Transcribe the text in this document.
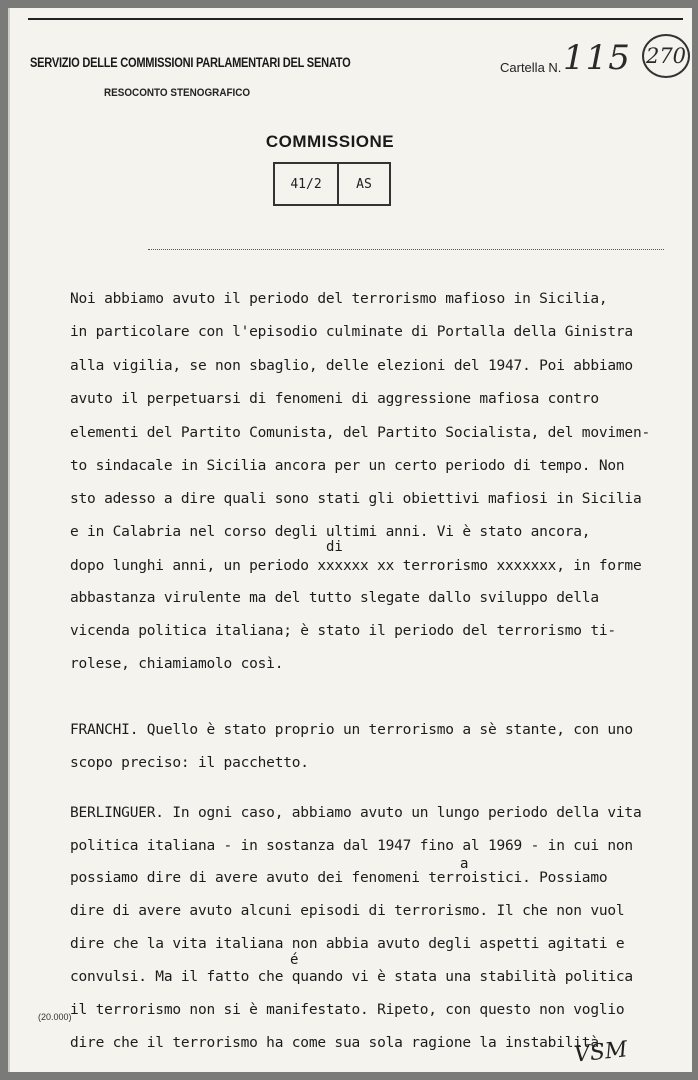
SERVIZIO DELLE COMMISSIONI PARLAMENTARI DEL SENATO
RESOCONTO STENOGRAFICO
Cartella N. 115 270
COMMISSIONE
41/2	AS
Noi abbiamo avuto il periodo del terrorismo mafioso in Sicilia,
in particolare con l'episodio culminate di Portalla della Ginistra
alla vigilia, se non sbaglio, delle elezioni del 1947. Poi abbiamo
avuto il perpetuarsi di fenomeni di aggressione mafiosa contro
elementi del Partito Comunista, del Partito Socialista, del movimen-
to sindacale in Sicilia ancora per un certo periodo di tempo. Non
sto adesso a dire quali sono stati gli obiettivi mafiosi in Sicilia
e in Calabria nel corso degli ultimi anni. Vi è stato ancora,
di
dopo lunghi anni, un periodo xxxxxx xx terrorismo xxxxxxx, in forme
abbastanza virulente ma del tutto slegate dallo sviluppo della
vicenda politica italiana; è stato il periodo del terrorismo ti-
rolese, chiamiamolo così.
FRANCHI. Quello è stato proprio un terrorismo a sè stante, con uno
scopo preciso: il pacchetto.
BERLINGUER. In ogni caso, abbiamo avuto un lungo periodo della vita
politica italiana - in sostanza dal 1947 fino al 1969 - in cui non
a
possiamo dire di avere avuto dei fenomeni terroistici. Possiamo
dire di avere avuto alcuni episodi di terrorismo. Il che non vuol
dire che la vita italiana non abbia avuto degli aspetti agitati e
é
convulsi. Ma il fatto che quando vi è stata una stabilità politica
il terrorismo non si è manifestato. Ripeto, con questo non voglio
dire che il terrorismo ha come sua sola ragione la instabilità
(20.000)
VSM
